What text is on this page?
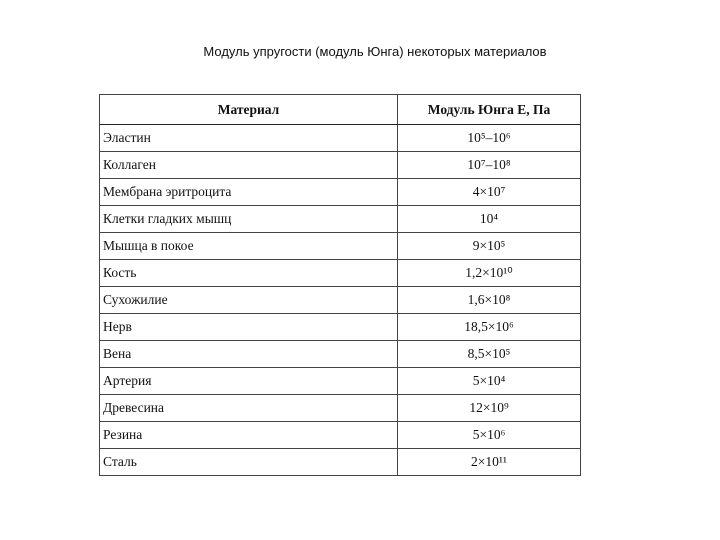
Модуль упругости (модуль Юнга) некоторых материалов
Материал	Модуль Юнга Е, Па
Эластин	10⁵–10⁶
Коллаген	10⁷–10⁸
Мембрана эритроцита	4×10⁷
Клетки гладких мышц	10⁴
Мышца в покое	9×10⁵
Кость	1,2×10¹⁰
Сухожилие	1,6×10⁸
Нерв	18,5×10⁶
Вена	8,5×10⁵
Артерия	5×10⁴
Древесина	12×10⁹
Резина	5×10⁶
Сталь	2×10¹¹
